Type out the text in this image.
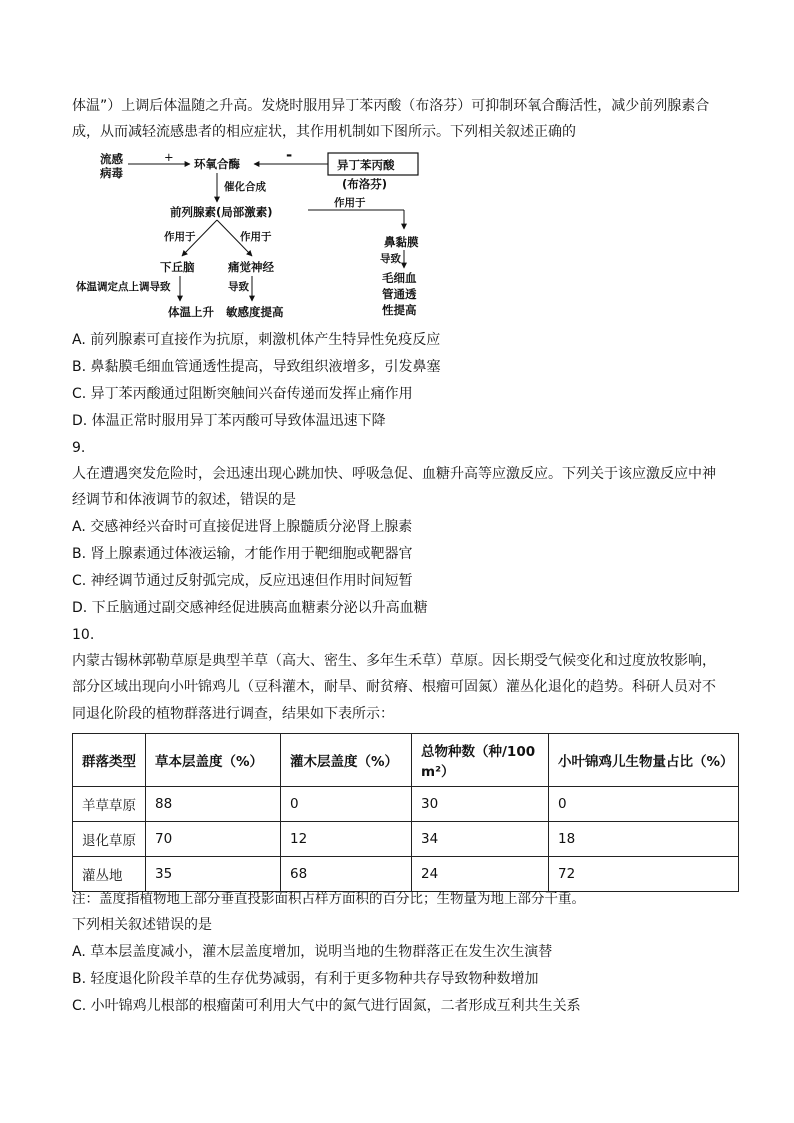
体温”）上调后体温随之升高。发烧时服用异丁苯丙酸（布洛芬）可抑制环氧合酶活性，减少前列腺素合
成，从而减轻流感患者的相应症状，其作用机制如下图所示。下列相关叙述正确的
流感
病毒
+ 环氧合酶	-
异丁苯丙酸
(布洛芬)
催化合成
前列腺素(局部激素)
作用于
作用于	作用于	鼻黏膜
导致
毛细血
管通透
性提高
下丘脑	痛觉神经
体温调定点上调导致	导致
体温上升 敏感度提高
A. 前列腺素可直接作为抗原，刺激机体产生特异性免疫反应
B. 鼻黏膜毛细血管通透性提高，导致组织液增多，引发鼻塞
C. 异丁苯丙酸通过阻断突触间兴奋传递而发挥止痛作用
D. 体温正常时服用异丁苯丙酸可导致体温迅速下降
9.
人在遭遇突发危险时，会迅速出现心跳加快、呼吸急促、血糖升高等应激反应。下列关于该应激反应中神
经调节和体液调节的叙述，错误的是
A. 交感神经兴奋时可直接促进肾上腺髓质分泌肾上腺素
B. 肾上腺素通过体液运输，才能作用于靶细胞或靶器官
C. 神经调节通过反射弧完成，反应迅速但作用时间短暂
D. 下丘脑通过副交感神经促进胰高血糖素分泌以升高血糖
10.
内蒙古锡林郭勒草原是典型羊草（高大、密生、多年生禾草）草原。因长期受气候变化和过度放牧影响，
部分区域出现向小叶锦鸡儿（豆科灌木，耐旱、耐贫瘠、根瘤可固氮）灌丛化退化的趋势。科研人员对不
同退化阶段的植物群落进行调查，结果如下表所示：
群落类型	草本层盖度（%）	灌木层盖度（%）	总物种数（种/100 m²）	小叶锦鸡儿生物量占比（%）
羊草草原	88	0	30	0
退化草原	70	12	34	18
灌丛地	35	68	24	72
注：盖度指植物地上部分垂直投影面积占样方面积的百分比；生物量为地上部分干重。
下列相关叙述错误的是
A. 草本层盖度减小，灌木层盖度增加，说明当地的生物群落正在发生次生演替
B. 轻度退化阶段羊草的生存优势减弱，有利于更多物种共存导致物种数增加
C. 小叶锦鸡儿根部的根瘤菌可利用大气中的氮气进行固氮，二者形成互利共生关系
